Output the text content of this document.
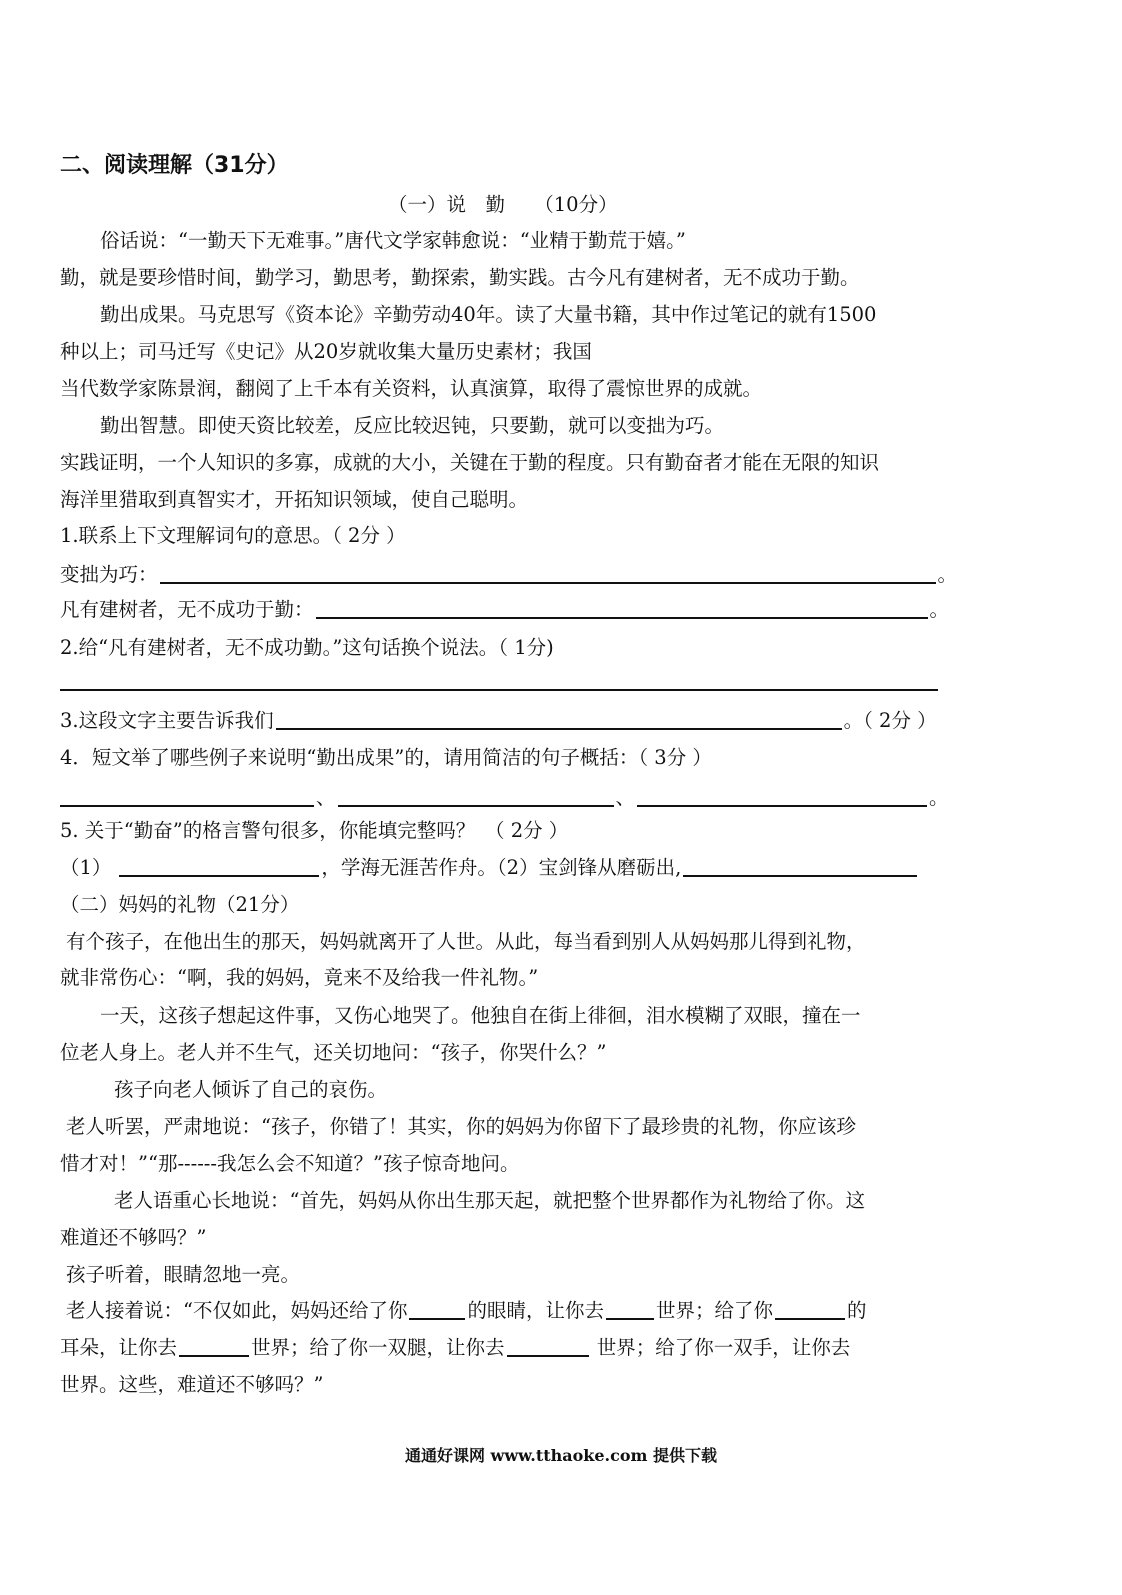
二、阅读理解（31分）
（一）说　勤　　（10分）
俗话说：“一勤天下无难事。”唐代文学家韩愈说：“业精于勤荒于嬉。”
勤，就是要珍惜时间，勤学习，勤思考，勤探索，勤实践。古今凡有建树者，无不成功于勤。
勤出成果。马克思写《资本论》辛勤劳动40年。读了大量书籍，其中作过笔记的就有1500
种以上；司马迁写《史记》从20岁就收集大量历史素材；我国
当代数学家陈景润，翻阅了上千本有关资料，认真演算，取得了震惊世界的成就。
勤出智慧。即使天资比较差，反应比较迟钝，只要勤，就可以变拙为巧。
实践证明，一个人知识的多寡，成就的大小，关键在于勤的程度。只有勤奋者才能在无限的知识
海洋里猎取到真智实才，开拓知识领域，使自己聪明。
1.联系上下文理解词句的意思。（ 2分 ）
变拙为巧：	。
凡有建树者，无不成功于勤：	。
2.给“凡有建树者，无不成功勤。”这句话换个说法。（ 1分)
3.这段文字主要告诉我们	。（ 2分 ）
4．短文举了哪些例子来说明“勤出成果”的，请用简洁的句子概括：（ 3分 ）
、	、	。
5. 关于“勤奋”的格言警句很多，你能填完整吗？　（ 2分 ）
（1）	，学海无涯苦作舟。（2）宝剑锋从磨砺出,
（二）妈妈的礼物（21分）
有个孩子，在他出生的那天，妈妈就离开了人世。从此，每当看到别人从妈妈那儿得到礼物，
就非常伤心：“啊，我的妈妈，竟来不及给我一件礼物。”
一天，这孩子想起这件事，又伤心地哭了。他独自在街上徘徊，泪水模糊了双眼，撞在一
位老人身上。老人并不生气，还关切地问：“孩子，你哭什么？”
孩子向老人倾诉了自己的哀伤。
老人听罢，严肃地说：“孩子，你错了！其实，你的妈妈为你留下了最珍贵的礼物，你应该珍
惜才对！”“那------我怎么会不知道？”孩子惊奇地问。
老人语重心长地说：“首先，妈妈从你出生那天起，就把整个世界都作为礼物给了你。这
难道还不够吗？”
孩子听着，眼睛忽地一亮。
老人接着说：“不仅如此，妈妈还给了你	的眼睛，让你去	世界；给了你	的
耳朵，让你去	世界；给了你一双腿，让你去	世界；给了你一双手，让你去
世界。这些，难道还不够吗？”
通通好课网 www.tthaoke.com 提供下载
